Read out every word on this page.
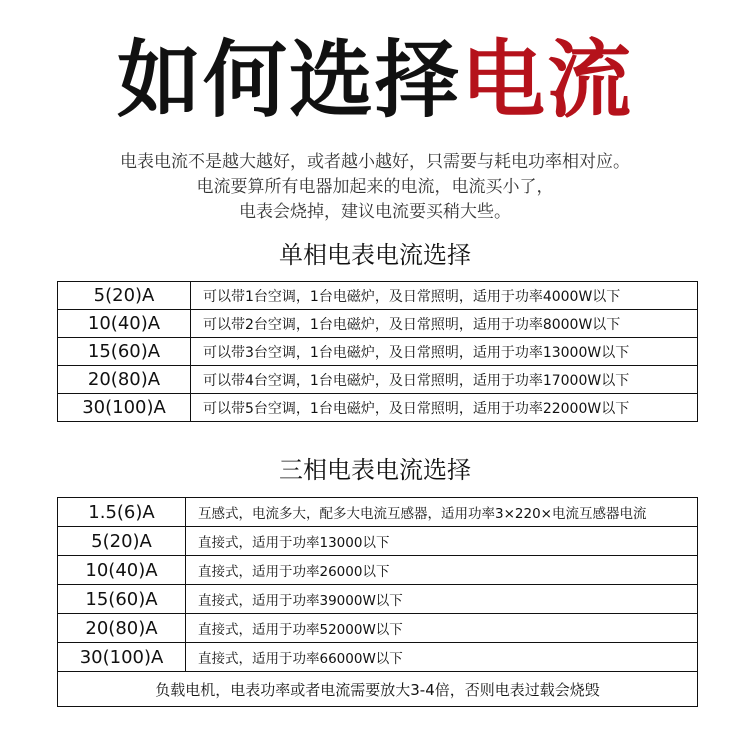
如何选择电流
电表电流不是越大越好，或者越小越好，只需要与耗电功率相对应。
电流要算所有电器加起来的电流，电流买小了，
电表会烧掉，建议电流要买稍大些。
单相电表电流选择
5(20)A	可以带1台空调，1台电磁炉，及日常照明，适用于功率4000W以下
10(40)A	可以带2台空调，1台电磁炉，及日常照明，适用于功率8000W以下
15(60)A	可以带3台空调，1台电磁炉，及日常照明，适用于功率13000W以下
20(80)A	可以带4台空调，1台电磁炉，及日常照明，适用于功率17000W以下
30(100)A	可以带5台空调，1台电磁炉，及日常照明，适用于功率22000W以下
三相电表电流选择
1.5(6)A	互感式，电流多大，配多大电流互感器，适用功率3×220×电流互感器电流
5(20)A	直接式，适用于功率13000以下
10(40)A	直接式，适用于功率26000以下
15(60)A	直接式，适用于功率39000W以下
20(80)A	直接式，适用于功率52000W以下
30(100)A	直接式，适用于功率66000W以下
负载电机，电表功率或者电流需要放大3-4倍，否则电表过载会烧毁	
